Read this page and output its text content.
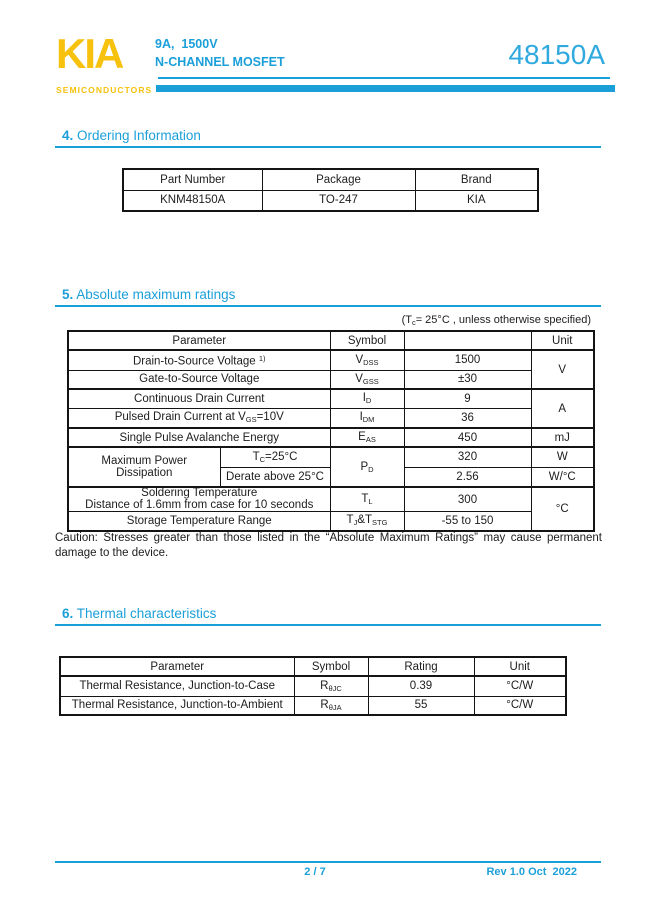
KIA
SEMICONDUCTORS
9A,  1500V
N-CHANNEL MOSFET	48150A
4. Ordering Information
Part Number	Package	Brand
KNM48150A	TO-247	KIA
5. Absolute maximum ratings
($T_c= 25^\circ C$ , unless otherwise specified)
Parameter		Symbol		Unit
Drain-to-Source Voltage $^{1)}$		$V_{DSS}$	1500	V
Gate-to-Source Voltage		$V_{GSS}$	±30	
Continuous Drain Current		$I_D$	9	A
Pulsed Drain Current at $V_{GS}=10V$		$I_{DM}$	36	
Single Pulse Avalanche Energy		$E_{AS}$	450	mJ
Maximum Power Dissipation	$T_C=25^\circ C$	$P_D$	320	W
	Derate above 25°C		2.56	W/°C

Soldering Temperature
Distance of 1.6mm from case for 10 seconds		$T_L$	300	°C
Storage Temperature Range		$T_J\&T_{STG}$	-55 to 150	
Caution: Stresses greater than those listed in the “Absolute Maximum Ratings” may cause permanent damage to the device.
6. Thermal characteristics
Parameter	Symbol	Rating	Unit
Thermal Resistance, Junction-to-Case	$R_{\theta JC}$	0.39	°C/W
Thermal Resistance, Junction-to-Ambient	$R_{\theta JA}$	55	°C/W
2 / 7	Rev 1.0 Oct  2022
